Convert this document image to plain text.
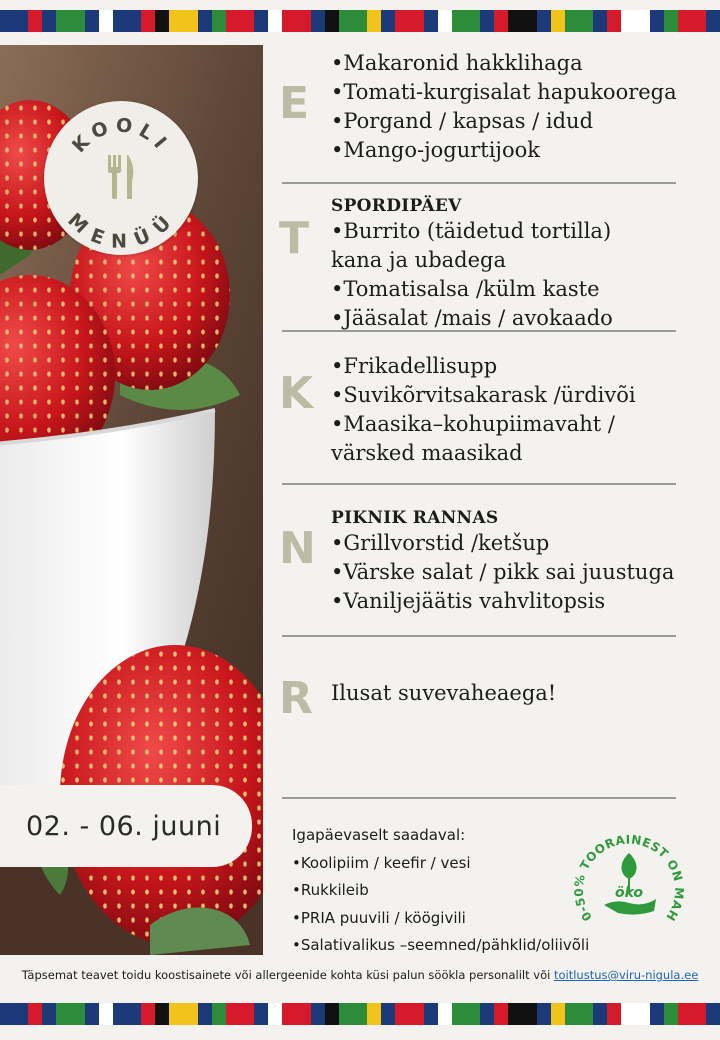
KOOLI
MENÜÜ
02. - 06. juuni
E
•Makaronid hakklihaga
•Tomati-kurgisalat hapukoorega
•Porgand / kapsas / idud
•Mango-jogurtijook
T
SPORDIPÄEV
•Burrito (täidetud tortilla)
kana ja ubadega
•Tomatisalsa /külm kaste
•Jääsalat /mais / avokaado
K
•Frikadellisupp
•Suvikõrvitsakarask /ürdivõi
•Maasika–kohupiimavaht /
värsked maasikad
N
PIKNIK RANNAS
•Grillvorstid /ketšup
•Värske salat / pikk sai juustuga
•Vaniljejäätis vahvlitopsis
R Ilusat suvevaheaega!
Igapäevaselt saadaval:
•Koolipiim / keefir / vesi
•Rukkileib
•PRIA puuvili / köögivili
•Salativalikus –seemned/pähklid/oliivõli
0-50% TOORAINEST ON MAH
öko
Täpsemat teavet toidu koostisainete või allergeenide kohta küsi palun söökla personalilt või toitlustus@viru-nigula.ee
